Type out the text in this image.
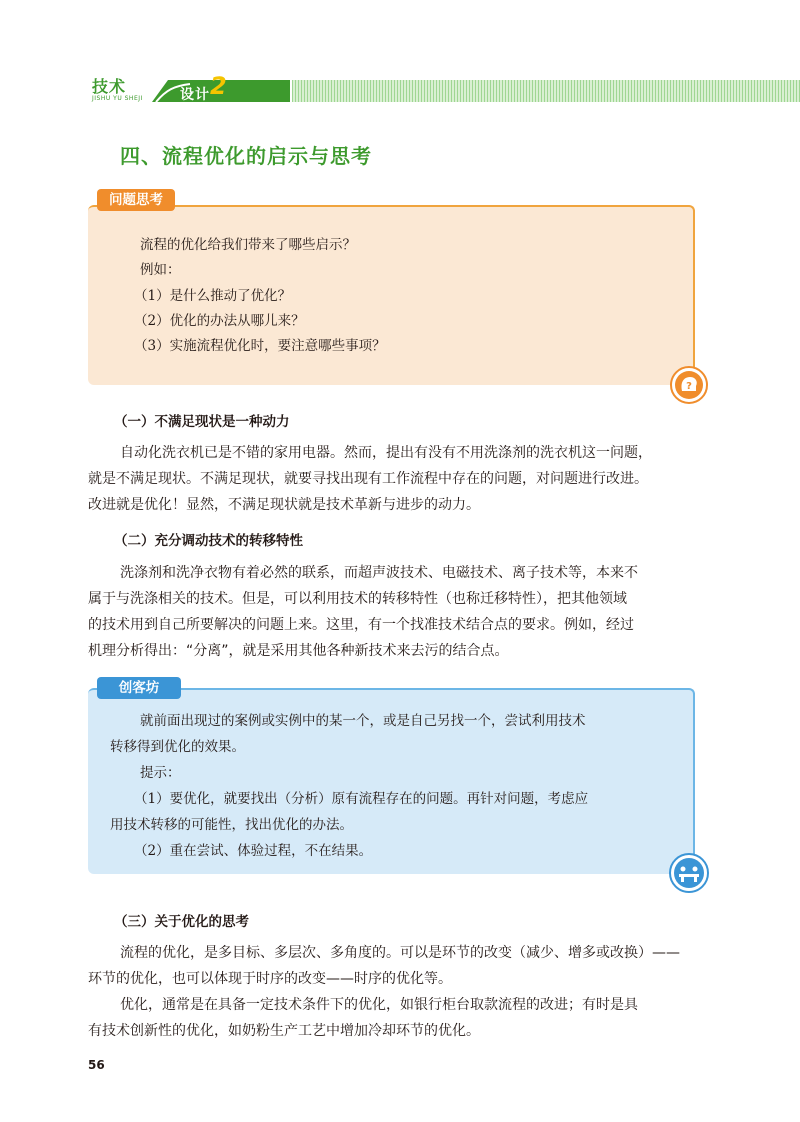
技术
JISHU YU SHEJI	设计 2
四、流程优化的启示与思考
问题思考
流程的优化给我们带来了哪些启示？
例如：
（1）是什么推动了优化？
（2）优化的办法从哪儿来？
（3）实施流程优化时，要注意哪些事项？
?
（一）不满足现状是一种动力
自动化洗衣机已是不错的家用电器。然而，提出有没有不用洗涤剂的洗衣机这一问题，
就是不满足现状。不满足现状，就要寻找出现有工作流程中存在的问题，对问题进行改进。
改进就是优化！显然，不满足现状就是技术革新与进步的动力。
（二）充分调动技术的转移特性
洗涤剂和洗净衣物有着必然的联系，而超声波技术、电磁技术、离子技术等，本来不
属于与洗涤相关的技术。但是，可以利用技术的转移特性（也称迁移特性），把其他领域
的技术用到自己所要解决的问题上来。这里，有一个找准技术结合点的要求。例如，经过
机理分析得出：“分离”，就是采用其他各种新技术来去污的结合点。
创客坊
就前面出现过的案例或实例中的某一个，或是自己另找一个，尝试利用技术
转移得到优化的效果。
提示：
（1）要优化，就要找出（分析）原有流程存在的问题。再针对问题，考虑应
用技术转移的可能性，找出优化的办法。
（2）重在尝试、体验过程，不在结果。
（三）关于优化的思考
流程的优化，是多目标、多层次、多角度的。可以是环节的改变（减少、增多或改换）——
环节的优化，也可以体现于时序的改变——时序的优化等。
优化，通常是在具备一定技术条件下的优化，如银行柜台取款流程的改进；有时是具
有技术创新性的优化，如奶粉生产工艺中增加冷却环节的优化。
56
